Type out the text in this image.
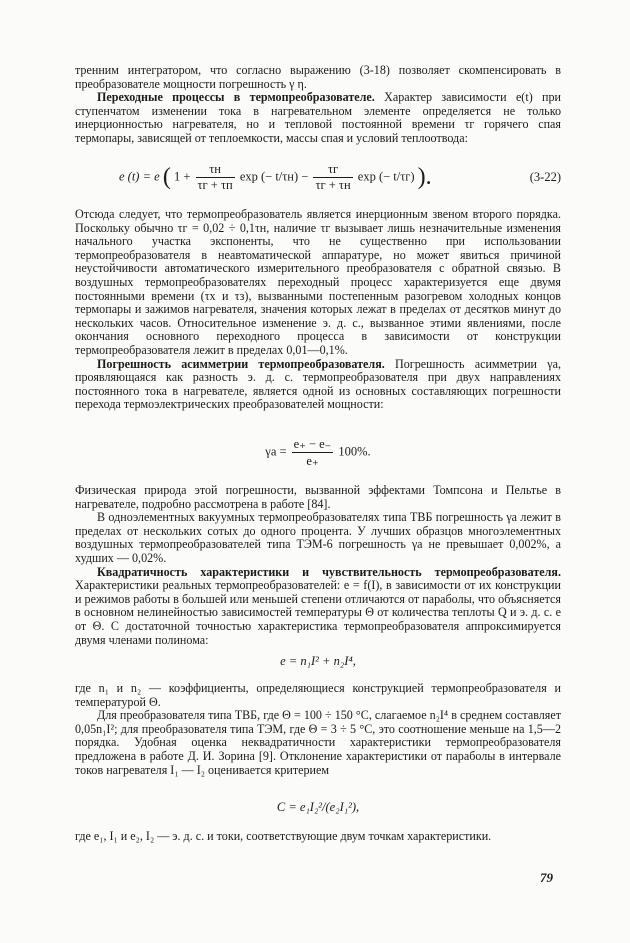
тренним интегратором, что согласно выражению (3-18) позволяет скомпенсировать в преобразователе мощности погрешность γ η.

Переходные процессы в термопреобразователе. Характер зависимости e(t) при ступенчатом изменении тока в нагревательном элементе определяется не только инерционностью нагревателя, но и тепловой постоянной времени τг горячего спая термопары, зависящей от теплоемкости, массы спая и условий теплоотвода:

e (t) = e ( $1 + \frac{\tau н}{\tau г + \tau п}$ exp (− $t/\tau н) - \frac{\tau г}{\tau г + \tau н}$ exp (− t/τг) ).	(3-22)

Отсюда следует, что термопреобразователь является инерционным звеном второго порядка. Поскольку обычно τг = 0,02 ÷ 0,1τн, наличие τг вызывает лишь незначительные изменения начального участка экспоненты, что не существенно при использовании термопреобразователя в неавтоматической аппаратуре, но может явиться причиной неустойчивости автоматического измерительного преобразователя с обратной связью. В воздушных термопреобразователях переходный процесс характеризуется еще двумя постоянными времени (τх и τз), вызванными постепенным разогревом холодных концов термопары и зажимов нагревателя, значения которых лежат в пределах от десятков минут до нескольких часов. Относительное изменение э. д. с., вызванное этими явлениями, после окончания основного переходного процесса в зависимости от конструкции термопреобразователя лежит в пределах 0,01—0,1%.

Погрешность асимметрии термопреобразователя. Погрешность асимметрии γа, проявляющаяся как разность э. д. с. термопреобразователя при двух направлениях постоянного тока в нагревателе, является одной из основных составляющих погрешности перехода термоэлектрических преобразователей мощности:

$\gamma а = \frac{e_+ - e_-}{e_+} 100\%$.

Физическая природа этой погрешности, вызванной эффектами Томпсона и Пельтье в нагревателе, подробно рассмотрена в работе [84].

В одноэлементных вакуумных термопреобразователях типа ТВБ погрешность γа лежит в пределах от нескольких сотых до одного процента. У лучших образцов многоэлементных воздушных термопреобразователей типа ТЭМ-6 погрешность γа не превышает 0,002%, а худших — 0,02%.

Квадратичность характеристики и чувствительность термопреобразователя. Характеристики реальных термопреобразователей: e = f(I), в зависимости от их конструкции и режимов работы в большей или меньшей степени отличаются от параболы, что объясняется в основном нелинейностью зависимостей температуры Θ от количества теплоты Q и э. д. с. e от Θ. С достаточной точностью характеристика термопреобразователя аппроксимируется двумя членами полинома:

e = n₁I² + n₂I⁴,

где n₁ и n₂ — коэффициенты, определяющиеся конструкцией термопреобразователя и температурой Θ.

Для преобразователя типа ТВБ, где Θ = 100 ÷ 150 °C, слагаемое n₂I⁴ в среднем составляет 0,05n₁I²; для преобразователя типа ТЭМ, где Θ = 3 ÷ 5 °C, это соотношение меньше на 1,5—2 порядка. Удобная оценка неквадратичности характеристики термопреобразователя предложена в работе Д. И. Зорина [9]. Отклонение характеристики от параболы в интервале токов нагревателя I₁ — I₂ оценивается критерием

C = e₁I₂²/(e₂I₁²),

где e₁, I₁ и e₂, I₂ — э. д. с. и токи, соответствующие двум точкам характеристики.

79
